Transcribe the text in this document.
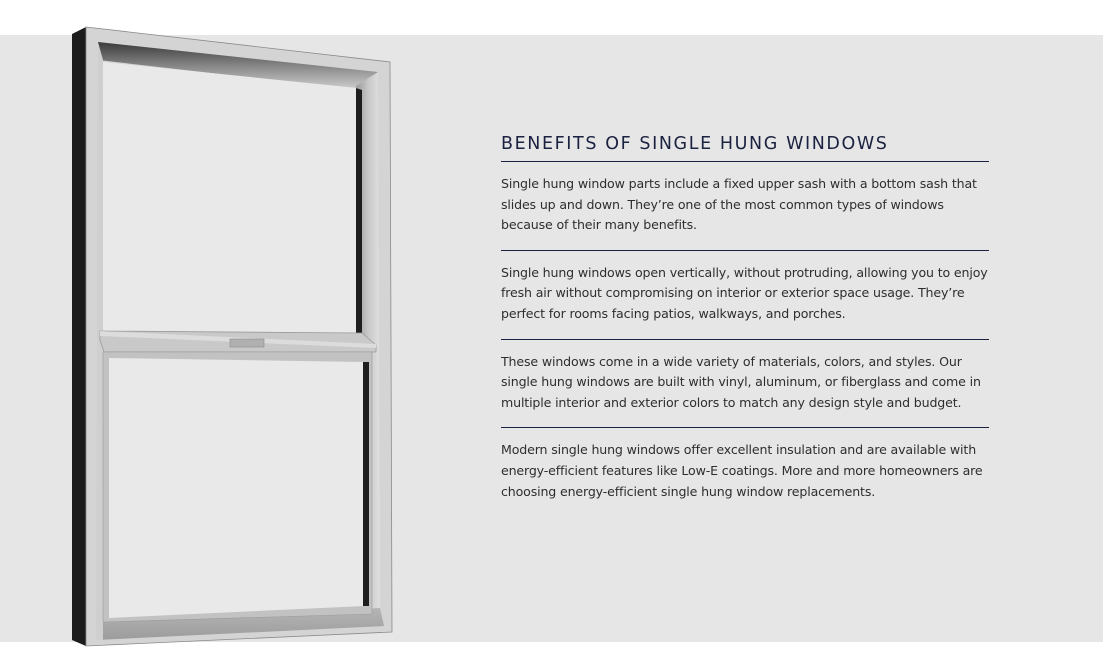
BENEFITS OF SINGLE HUNG WINDOWS

Single hung window parts include a fixed upper sash with a bottom sash that slides up and down. They’re one of the most common types of windows because of their many benefits.

Single hung windows open vertically, without protruding, allowing you to enjoy fresh air without compromising on interior or exterior space usage. They’re perfect for rooms facing patios, walkways, and porches.

These windows come in a wide variety of materials, colors, and styles. Our single hung windows are built with vinyl, aluminum, or fiberglass and come in multiple interior and exterior colors to match any design style and budget.

Modern single hung windows offer excellent insulation and are available with energy-efficient features like Low-E coatings. More and more homeowners are choosing energy-efficient single hung window replacements.
